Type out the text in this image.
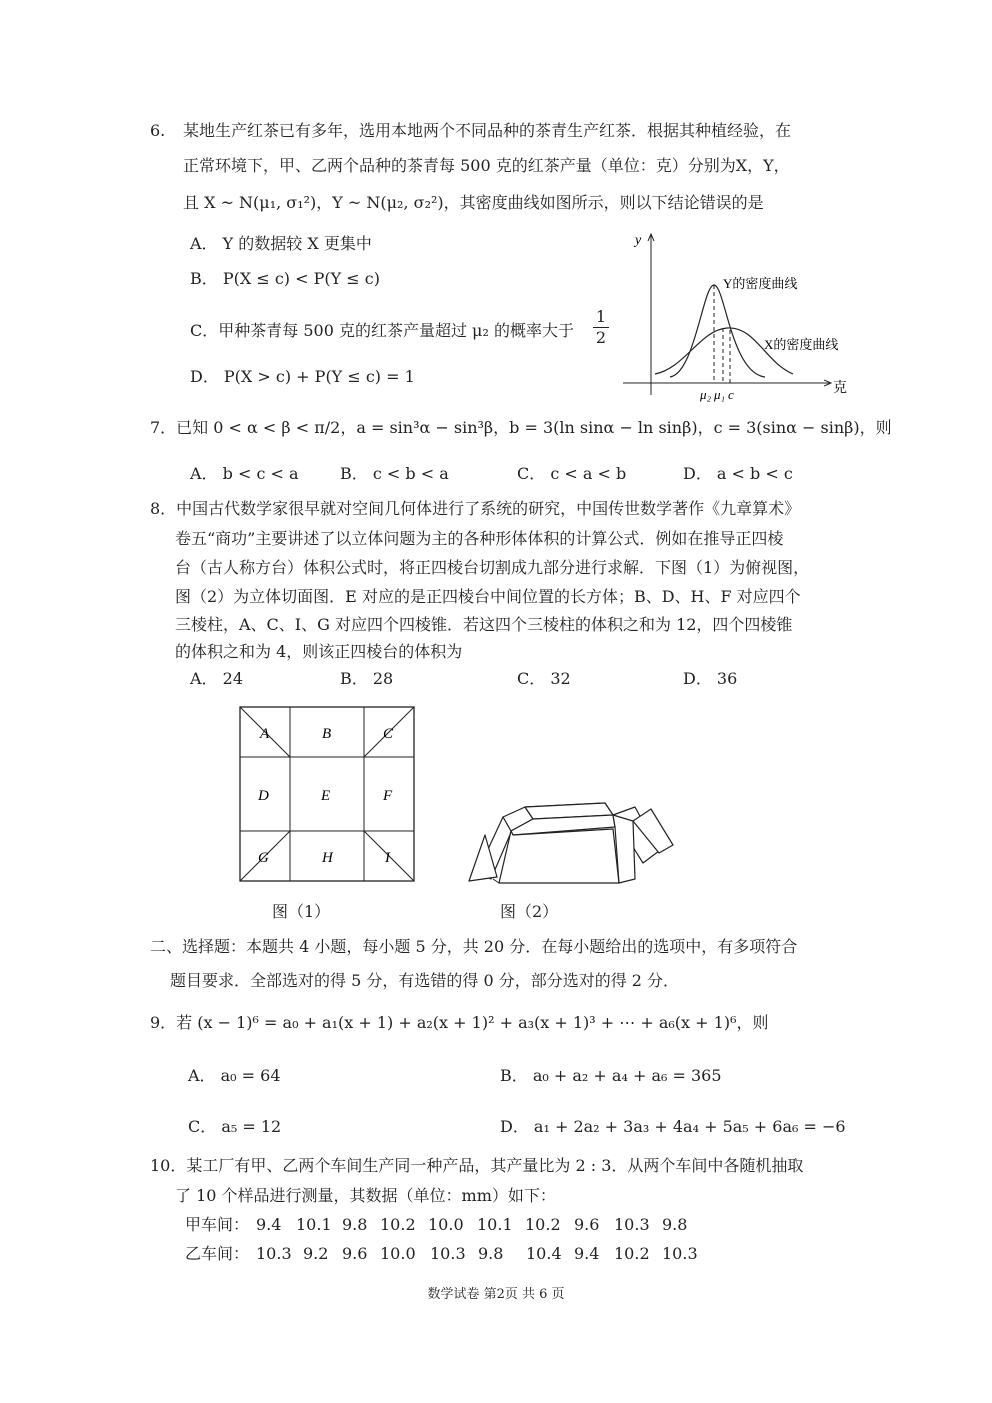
6. 某地生产红茶已有多年，选用本地两个不同品种的茶青生产红茶．根据其种植经验，在
正常环境下，甲、乙两个品种的茶青每 500 克的红茶产量（单位：克）分别为X，Y，
且 X ~ N(μ₁, σ₁²)，Y ~ N(μ₂, σ₂²)，其密度曲线如图所示，则以下结论错误的是
A． Y 的数据较 X 更集中
B． P(X ≤ c) < P(Y ≤ c)
C．甲种茶青每 500 克的红茶产量超过 μ₂ 的概率大于
1
2
D． P(X > c) + P(Y ≤ c) = 1
y
克
Y的密度曲线
X的密度曲线
μ₂ μ₁ c
7．已知 0 < α < β < π/2，a = sin³α − sin³β，b = 3(ln sinα − ln sinβ)，c = 3(sinα − sinβ)，则
A． b < c < a	B． c < b < a	C． c < a < b	D． a < b < c
8．中国古代数学家很早就对空间几何体进行了系统的研究，中国传世数学著作《九章算术》
卷五“商功”主要讲述了以立体问题为主的各种形体体积的计算公式．例如在推导正四棱
台（古人称方台）体积公式时，将正四棱台切割成九部分进行求解．下图（1）为俯视图，
图（2）为立体切面图．E 对应的是正四棱台中间位置的长方体；B、D、H、F 对应四个
三棱柱，A、C、I、G 对应四个四棱锥．若这四个三棱柱的体积之和为 12，四个四棱锥
的体积之和为 4，则该正四棱台的体积为
A． 24	B． 28	C． 32	D． 36
A	B	C
D	E	F
G	H	I
图（1）	图（2）
二、选择题：本题共 4 小题，每小题 5 分，共 20 分．在每小题给出的选项中，有多项符合
题目要求．全部选对的得 5 分，有选错的得 0 分，部分选对的得 2 分．
9．若 (x − 1)⁶ = a₀ + a₁(x + 1) + a₂(x + 1)² + a₃(x + 1)³ + ⋯ + a₆(x + 1)⁶，则
A． a₀ = 64	B． a₀ + a₂ + a₄ + a₆ = 365
C． a₅ = 12	D． a₁ + 2a₂ + 3a₃ + 4a₄ + 5a₅ + 6a₆ = −6
10．某工厂有甲、乙两个车间生产同一种产品，其产量比为 2 : 3．从两个车间中各随机抽取
了 10 个样品进行测量，其数据（单位：mm）如下：
甲车间： 9.4 10.1 9.8 10.2 10.0 10.1 10.2 9.6 10.3 9.8
乙车间： 10.3 9.2 9.6 10.0 10.3 9.8 10.4 9.4 10.2 10.3
数学试卷 第2页 共 6 页
